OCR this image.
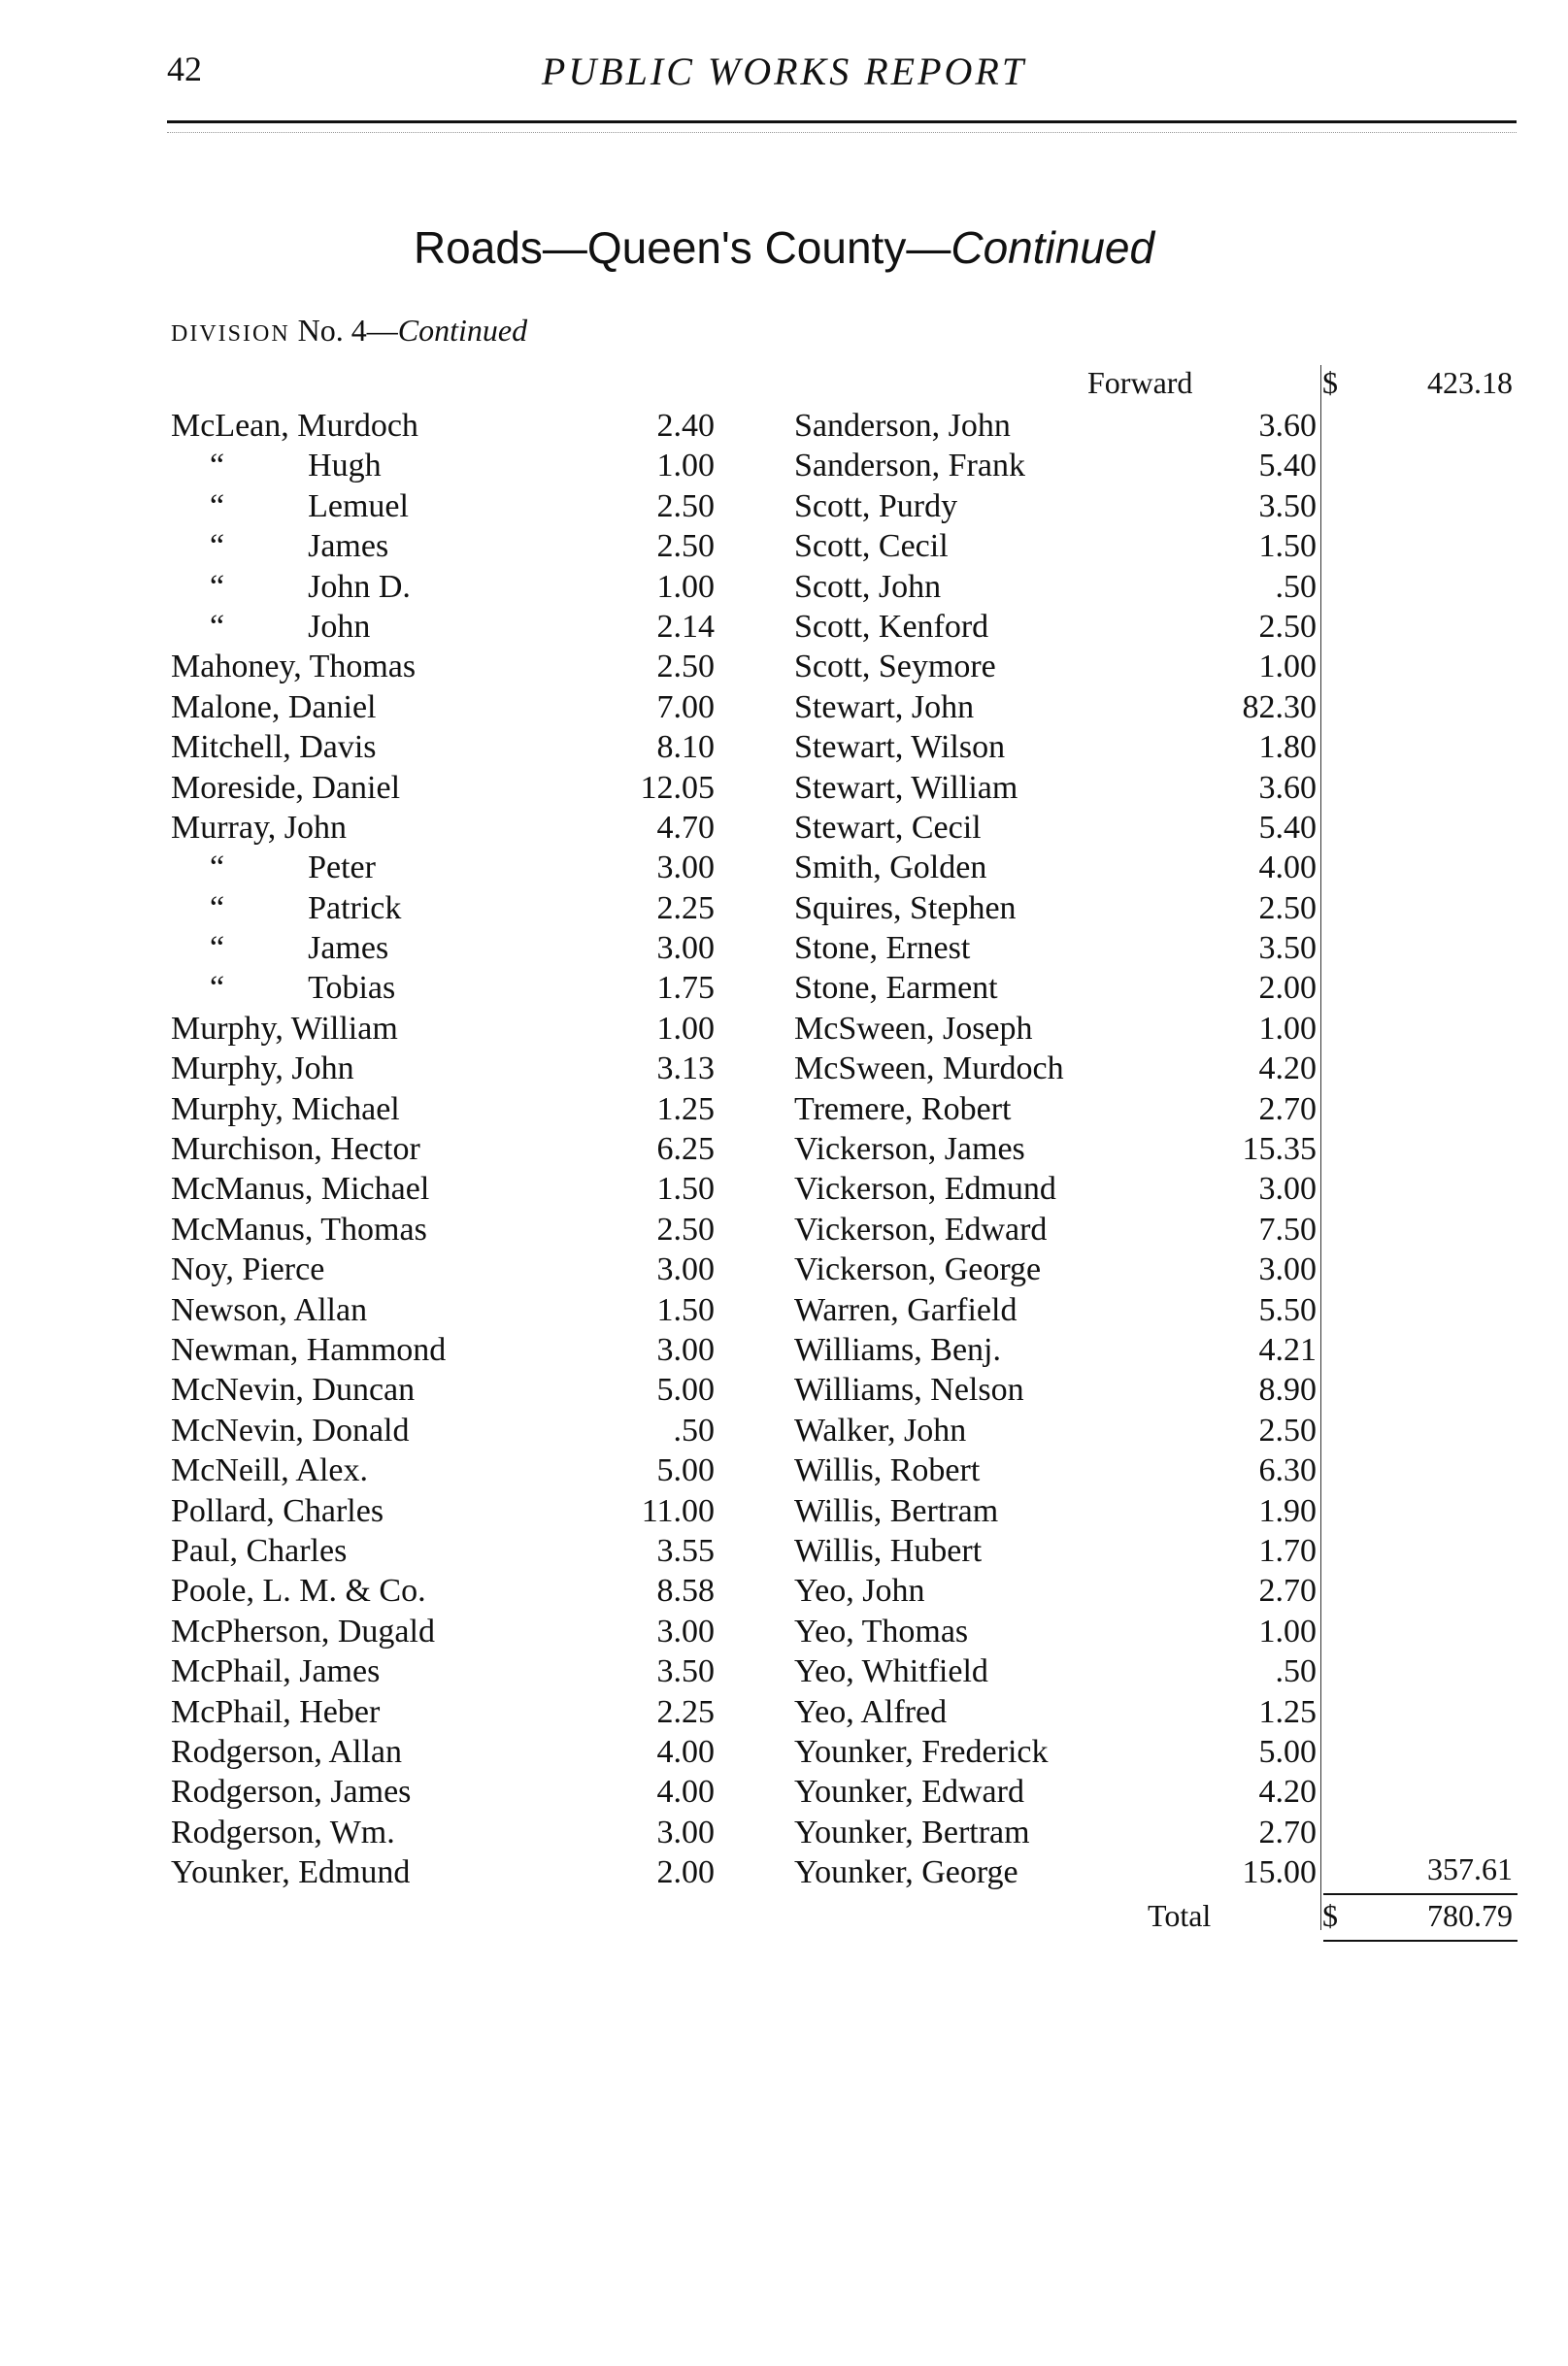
42	PUBLIC WORKS REPORT
Roads—Queen's County—Continued
DIVISION No. 4—Continued
Forward	$	423.18
McLean, Murdoch	2.40
“	Hugh	1.00
“	Lemuel	2.50
“	James	2.50
“	John D.	1.00
“	John	2.14
Mahoney, Thomas	2.50
Malone, Daniel	7.00
Mitchell, Davis	8.10
Moreside, Daniel	12.05
Murray, John	4.70
“	Peter	3.00
“	Patrick	2.25
“	James	3.00
“	Tobias	1.75
Murphy, William	1.00
Murphy, John	3.13
Murphy, Michael	1.25
Murchison, Hector	6.25
McManus, Michael	1.50
McManus, Thomas	2.50
Noy, Pierce	3.00
Newson, Allan	1.50
Newman, Hammond	3.00
McNevin, Duncan	5.00
McNevin, Donald	.50
McNeill, Alex.	5.00
Pollard, Charles	11.00
Paul, Charles	3.55
Poole, L. M. & Co.	8.58
McPherson, Dugald	3.00
McPhail, James	3.50
McPhail, Heber	2.25
Rodgerson, Allan	4.00
Rodgerson, James	4.00
Rodgerson, Wm.	3.00
Younker, Edmund	2.00
Sanderson, John	3.60
Sanderson, Frank	5.40
Scott, Purdy	3.50
Scott, Cecil	1.50
Scott, John	.50
Scott, Kenford	2.50
Scott, Seymore	1.00
Stewart, John	82.30
Stewart, Wilson	1.80
Stewart, William	3.60
Stewart, Cecil	5.40
Smith, Golden	4.00
Squires, Stephen	2.50
Stone, Ernest	3.50
Stone, Earment	2.00
McSween, Joseph	1.00
McSween, Murdoch	4.20
Tremere, Robert	2.70
Vickerson, James	15.35
Vickerson, Edmund	3.00
Vickerson, Edward	7.50
Vickerson, George	3.00
Warren, Garfield	5.50
Williams, Benj.	4.21
Williams, Nelson	8.90
Walker, John	2.50
Willis, Robert	6.30
Willis, Bertram	1.90
Willis, Hubert	1.70
Yeo, John	2.70
Yeo, Thomas	1.00
Yeo, Whitfield	.50
Yeo, Alfred	1.25
Younker, Frederick	5.00
Younker, Edward	4.20
Younker, Bertram	2.70
Younker, George	15.00	357.61
Total	$	780.79
